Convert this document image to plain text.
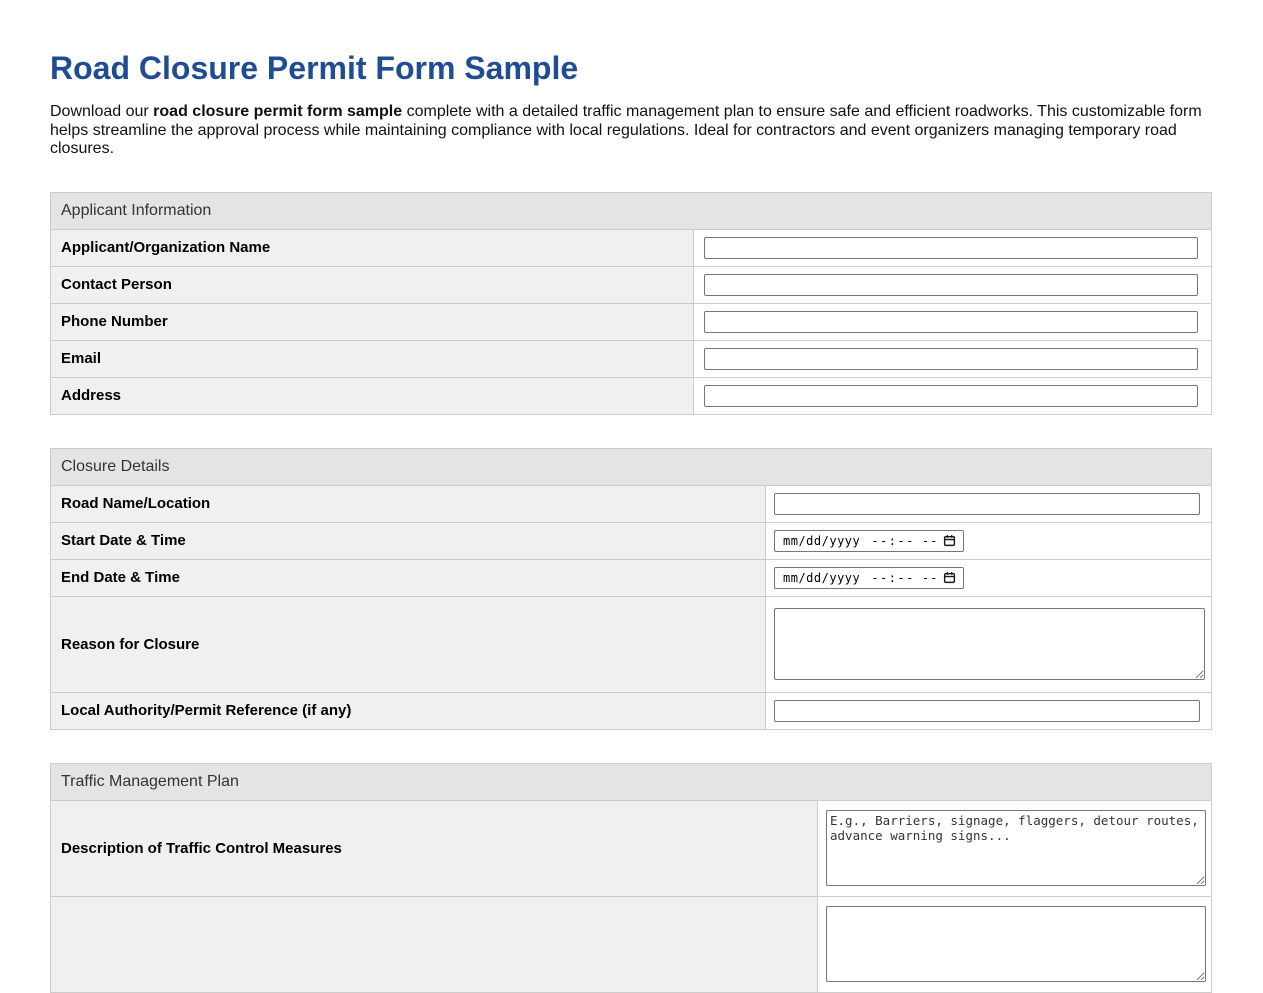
Road Closure Permit Form Sample

Download our road closure permit form sample complete with a detailed traffic management plan to ensure safe and efficient roadworks. This customizable form helps streamline the approval process while maintaining compliance with local regulations. Ideal for contractors and event organizers managing temporary road closures.

Applicant Information
Applicant/Organization Name
Contact Person
Phone Number
Email
Address
Closure Details
Road Name/Location
Start Date & Time	mm/dd/yyyy --:-- --
End Date & Time	mm/dd/yyyy --:-- --
Reason for Closure
Local Authority/Permit Reference (if any)
Traffic Management Plan
Description of Traffic Control Measures
E.g., Barriers, signage, flaggers, detour routes, advance warning signs...
